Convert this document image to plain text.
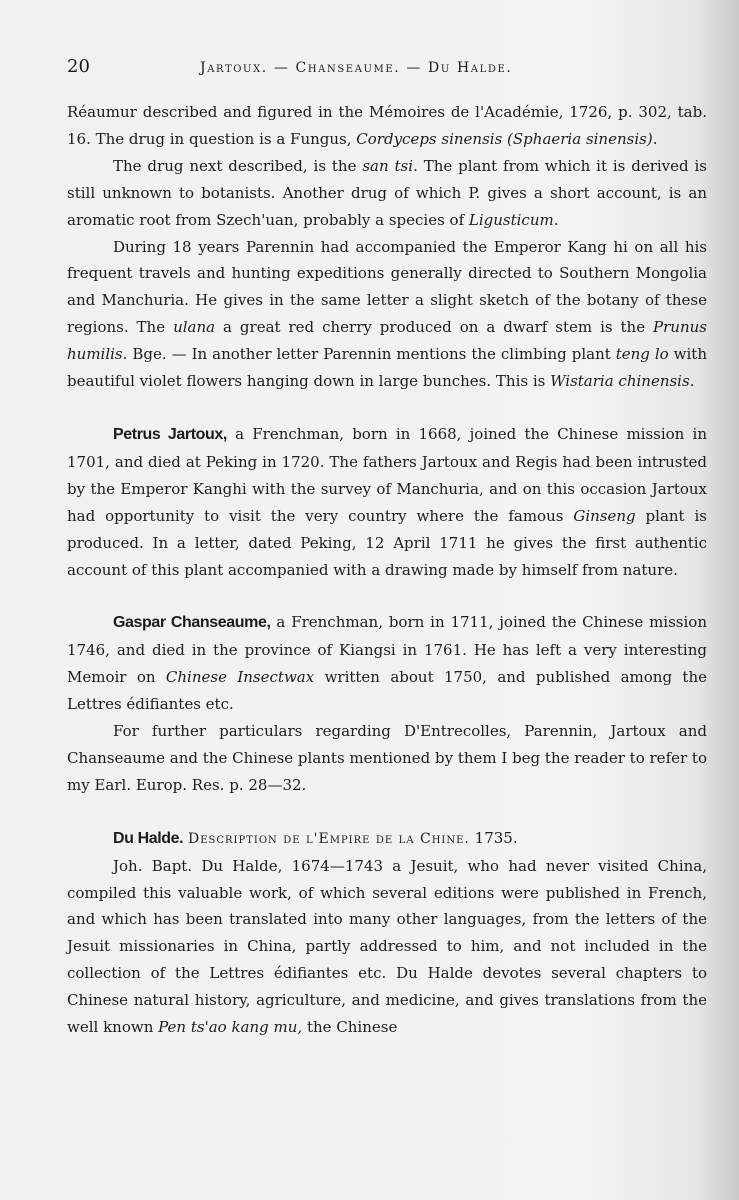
20	Jartoux. — Chanseaume. — Du Halde.

Réaumur described and figured in the Mémoires de l'Académie, 1726, p. 302, tab. 16. The drug in question is a Fungus, Cordyceps sinensis (Sphaeria sinensis).

The drug next described, is the san tsi. The plant from which it is derived is still unknown to botanists. Another drug of which P. gives a short account, is an aromatic root from Szech'uan, probably a species of Ligusticum.

During 18 years Parennin had accompanied the Emperor Kang hi on all his frequent travels and hunting expeditions generally directed to Southern Mongolia and Manchuria. He gives in the same letter a slight sketch of the botany of these regions. The ulana a great red cherry produced on a dwarf stem is the Prunus humilis. Bge. — In another letter Parennin mentions the climbing plant teng lo with beautiful violet flowers hanging down in large bunches. This is Wistaria chinensis.

Petrus Jartoux, a Frenchman, born in 1668, joined the Chinese mission in 1701, and died at Peking in 1720. The fathers Jartoux and Regis had been intrusted by the Emperor Kanghi with the survey of Manchuria, and on this occasion Jartoux had opportunity to visit the very country where the famous Ginseng plant is produced. In a letter, dated Peking, 12 April 1711 he gives the first authentic account of this plant accompanied with a drawing made by himself from nature.

Gaspar Chanseaume, a Frenchman, born in 1711, joined the Chinese mission 1746, and died in the province of Kiangsi in 1761. He has left a very interesting Memoir on Chinese Insectwax written about 1750, and published among the Lettres édifiantes etc.

For further particulars regarding D'Entrecolles, Parennin, Jartoux and Chanseaume and the Chinese plants mentioned by them I beg the reader to refer to my Earl. Europ. Res. p. 28—32.

Du Halde. Description de l'Empire de la Chine. 1735.

Joh. Bapt. Du Halde, 1674—1743 a Jesuit, who had never visited China, compiled this valuable work, of which several editions were published in French, and which has been translated into many other languages, from the letters of the Jesuit missionaries in China, partly addressed to him, and not included in the collection of the Lettres édifiantes etc. Du Halde devotes several chapters to Chinese natural history, agriculture, and medicine, and gives translations from the well known Pen ts'ao kang mu, the Chinese
